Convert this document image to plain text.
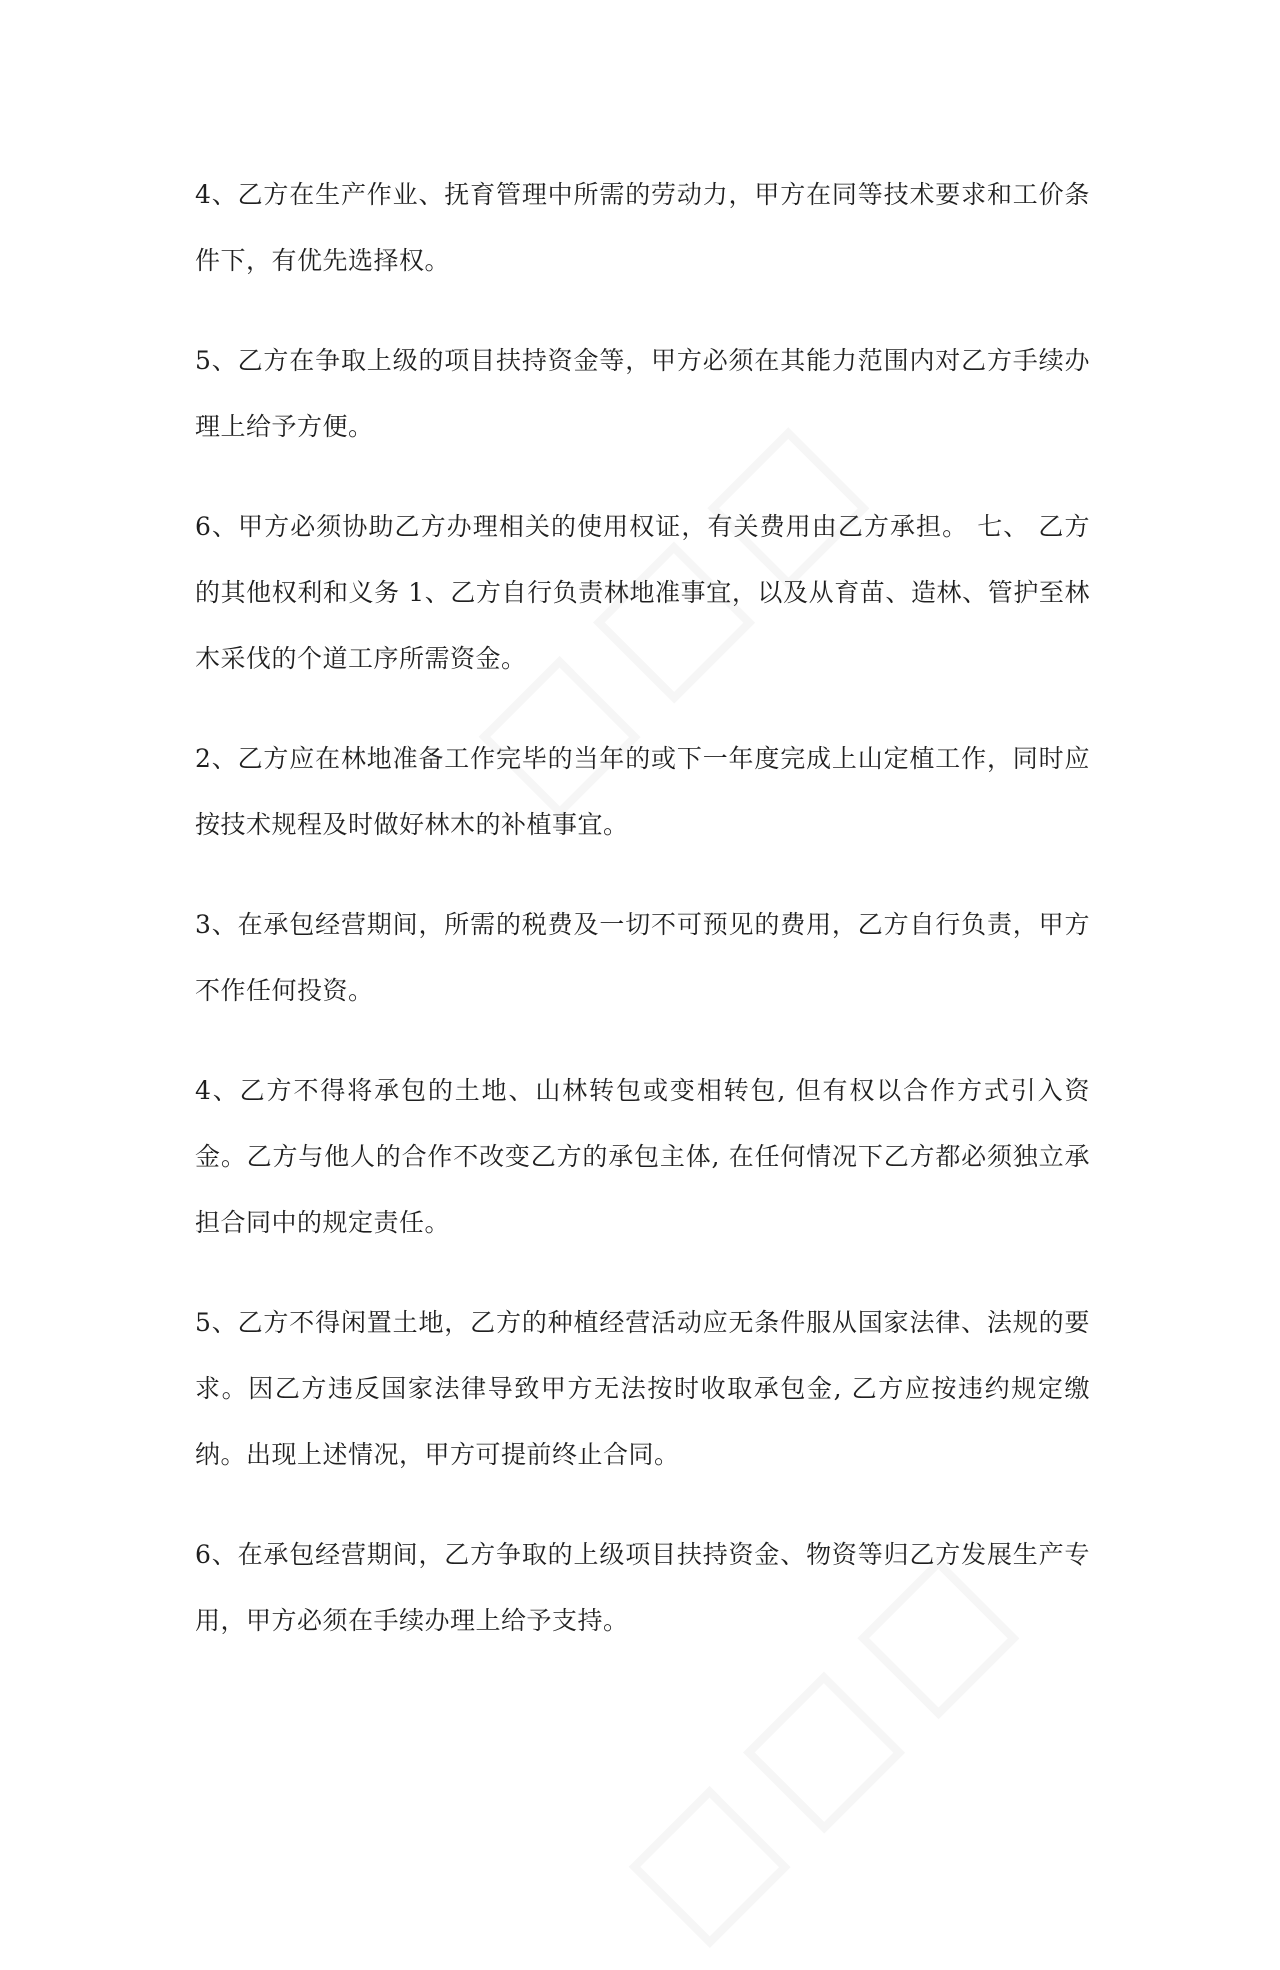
4、乙方在生产作业、抚育管理中所需的劳动力，甲方在同等技术要求和工价条件下，有优先选择权。

5、乙方在争取上级的项目扶持资金等，甲方必须在其能力范围内对乙方手续办理上给予方便。

6、甲方必须协助乙方办理相关的使用权证，有关费用由乙方承担。 七、 乙方的其他权利和义务 1、乙方自行负责林地准事宜，以及从育苗、造林、管护至林木采伐的个道工序所需资金。

2、乙方应在林地准备工作完毕的当年的或下一年度完成上山定植工作，同时应按技术规程及时做好林木的补植事宜。

3、在承包经营期间，所需的税费及一切不可预见的费用，乙方自行负责，甲方不作任何投资。

4、乙方不得将承包的土地、山林转包或变相转包, 但有权以合作方式引入资金。乙方与他人的合作不改变乙方的承包主体, 在任何情况下乙方都必须独立承担合同中的规定责任。

5、乙方不得闲置土地，乙方的种植经营活动应无条件服从国家法律、法规的要求。因乙方违反国家法律导致甲方无法按时收取承包金, 乙方应按违约规定缴纳。出现上述情况，甲方可提前终止合同。

6、在承包经营期间，乙方争取的上级项目扶持资金、物资等归乙方发展生产专用，甲方必须在手续办理上给予支持。
